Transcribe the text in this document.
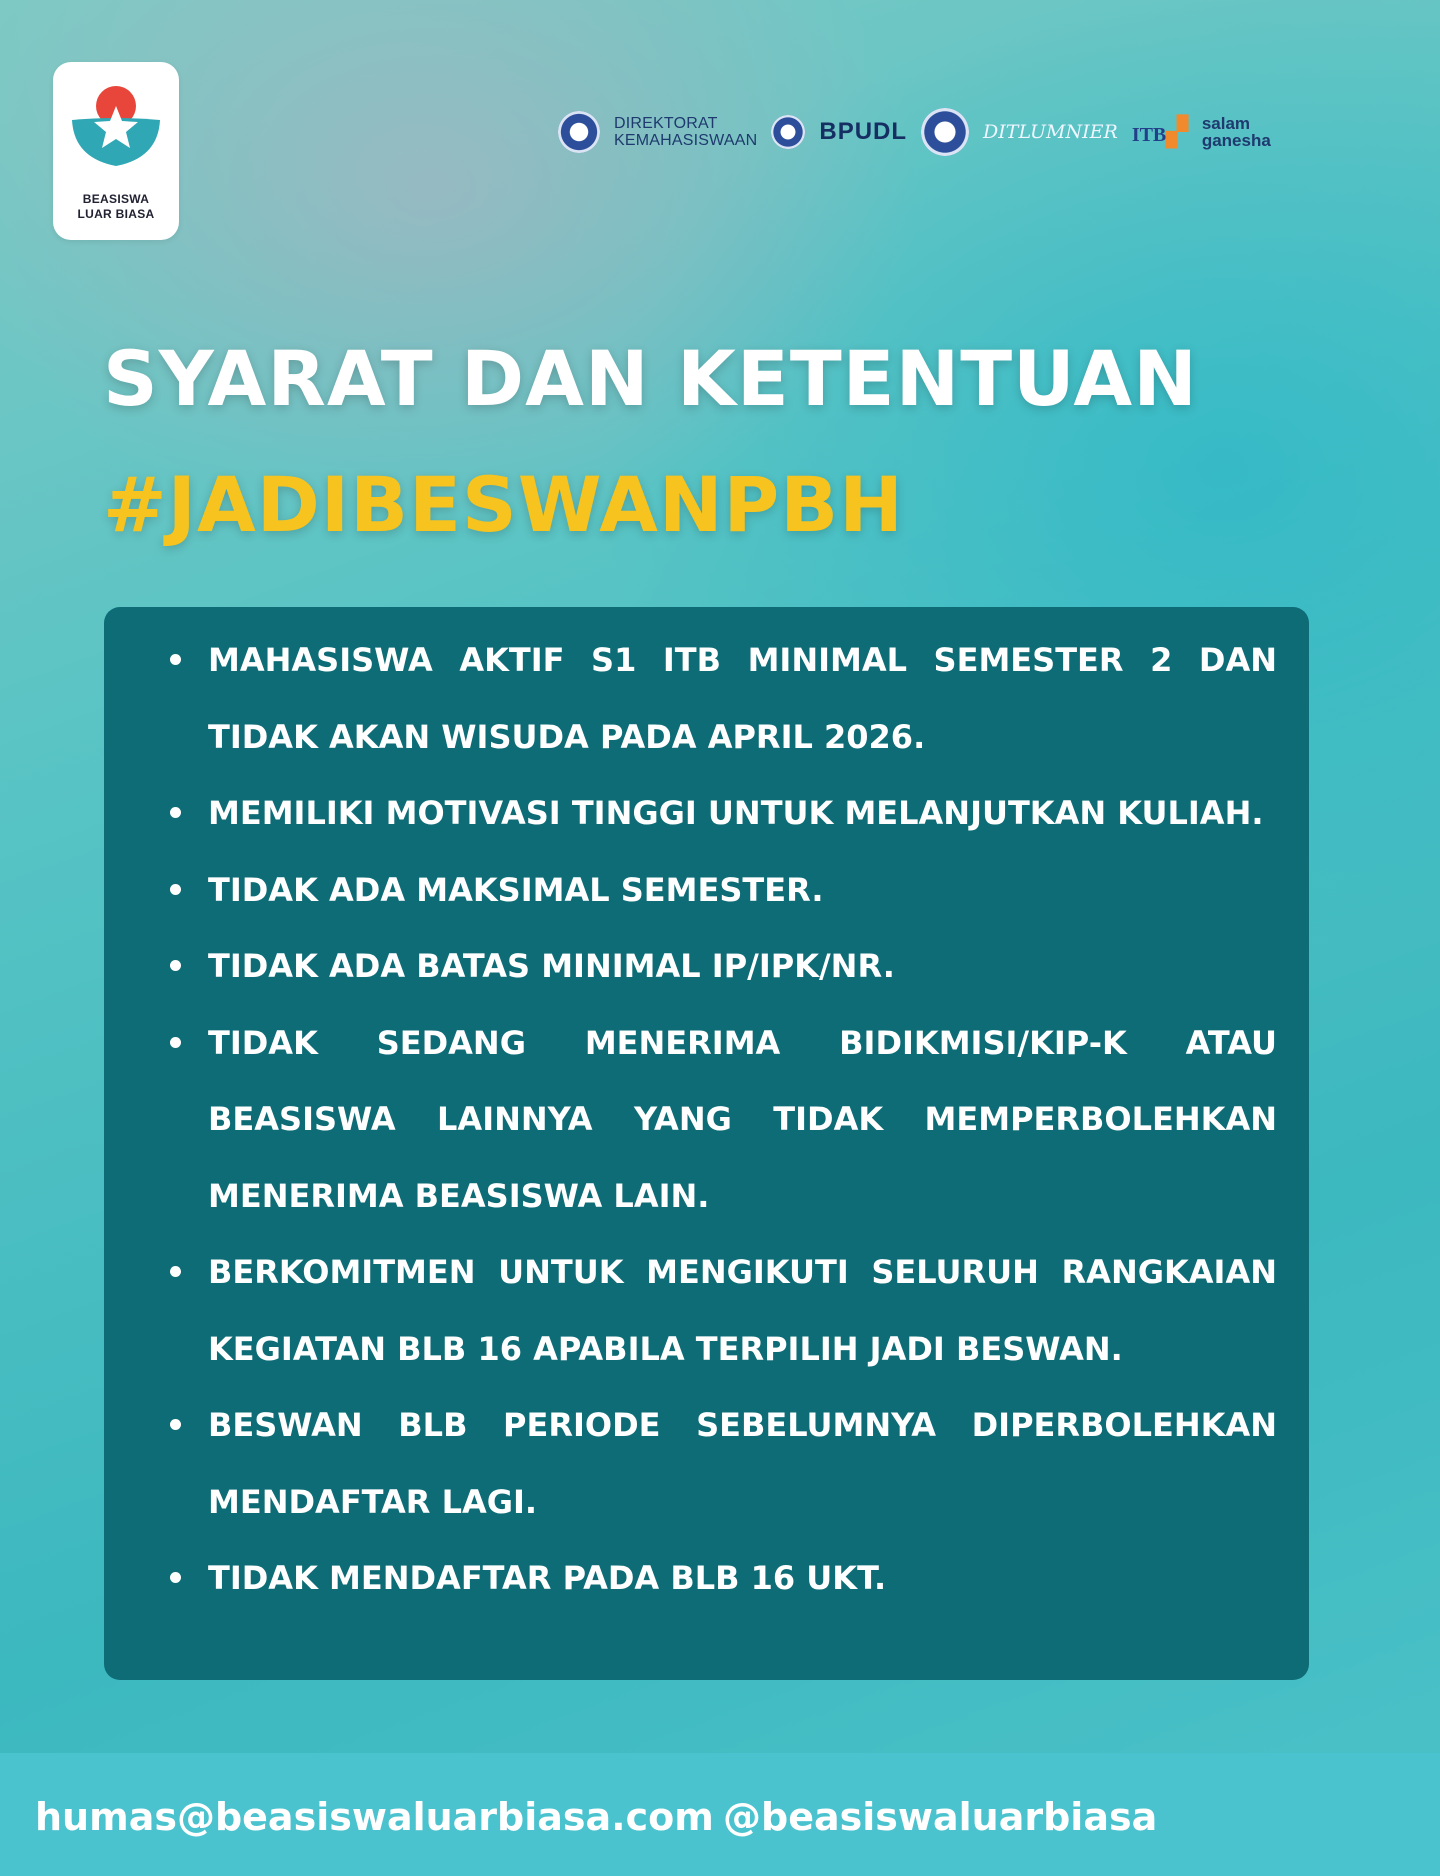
BEASISWA
LUAR BIASA
DIREKTORAT
KEMAHASISWAAN	BPUDL	DITLUMNIER ITB▞ salam
ganesha
SYARAT DAN KETENTUAN
#JADIBESWANPBH
MAHASISWA AKTIF S1 ITB MINIMAL SEMESTER 2 DAN TIDAK AKAN WISUDA PADA APRIL 2026.
MEMILIKI MOTIVASI TINGGI UNTUK MELANJUTKAN KULIAH.
TIDAK ADA MAKSIMAL SEMESTER.
TIDAK ADA BATAS MINIMAL IP/IPK/NR.
TIDAK SEDANG MENERIMA BIDIKMISI/KIP-K ATAU BEASISWA LAINNYA YANG TIDAK MEMPERBOLEHKAN MENERIMA BEASISWA LAIN.
BERKOMITMEN UNTUK MENGIKUTI SELURUH RANGKAIAN KEGIATAN BLB 16 APABILA TERPILIH JADI BESWAN.
BESWAN BLB PERIODE SEBELUMNYA DIPERBOLEHKAN MENDAFTAR LAGI.
TIDAK MENDAFTAR PADA BLB 16 UKT.
humas@beasiswaluarbiasa.com @beasiswaluarbiasa
